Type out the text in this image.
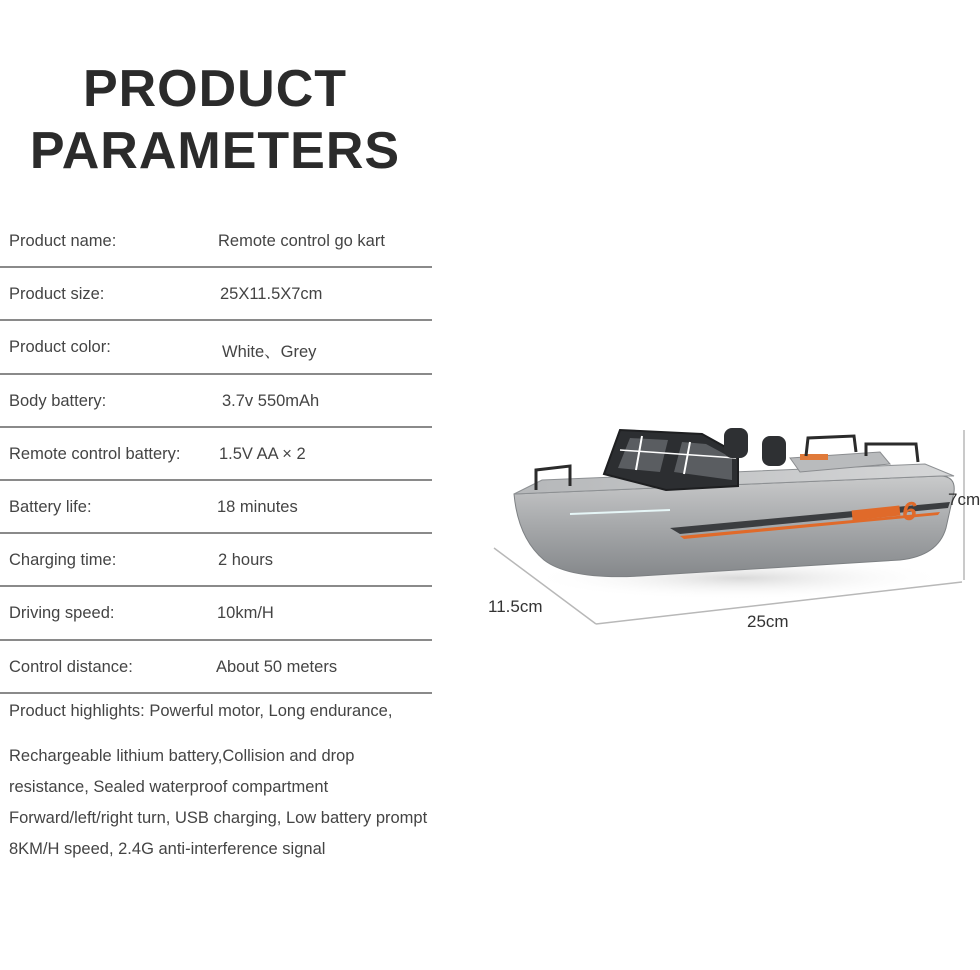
PRODUCT
PARAMETERS
Product name:	Remote control go kart
Product size:	25X11.5X7cm
Product color:	White、Grey
Body battery:	3.7v 550mAh
Remote control battery: 1.5V AA × 2
Battery life:	18 minutes
Charging time:	2 hours
Driving speed:	10km/H
Control distance:	About 50 meters
Product highlights: Powerful motor, Long endurance,
Rechargeable lithium battery,Collision and drop
resistance, Sealed waterproof compartment
Forward/left/right turn, USB charging, Low battery prompt
8KM/H speed, 2.4G anti-interference signal
6
11.5cm
25cm
7cm
